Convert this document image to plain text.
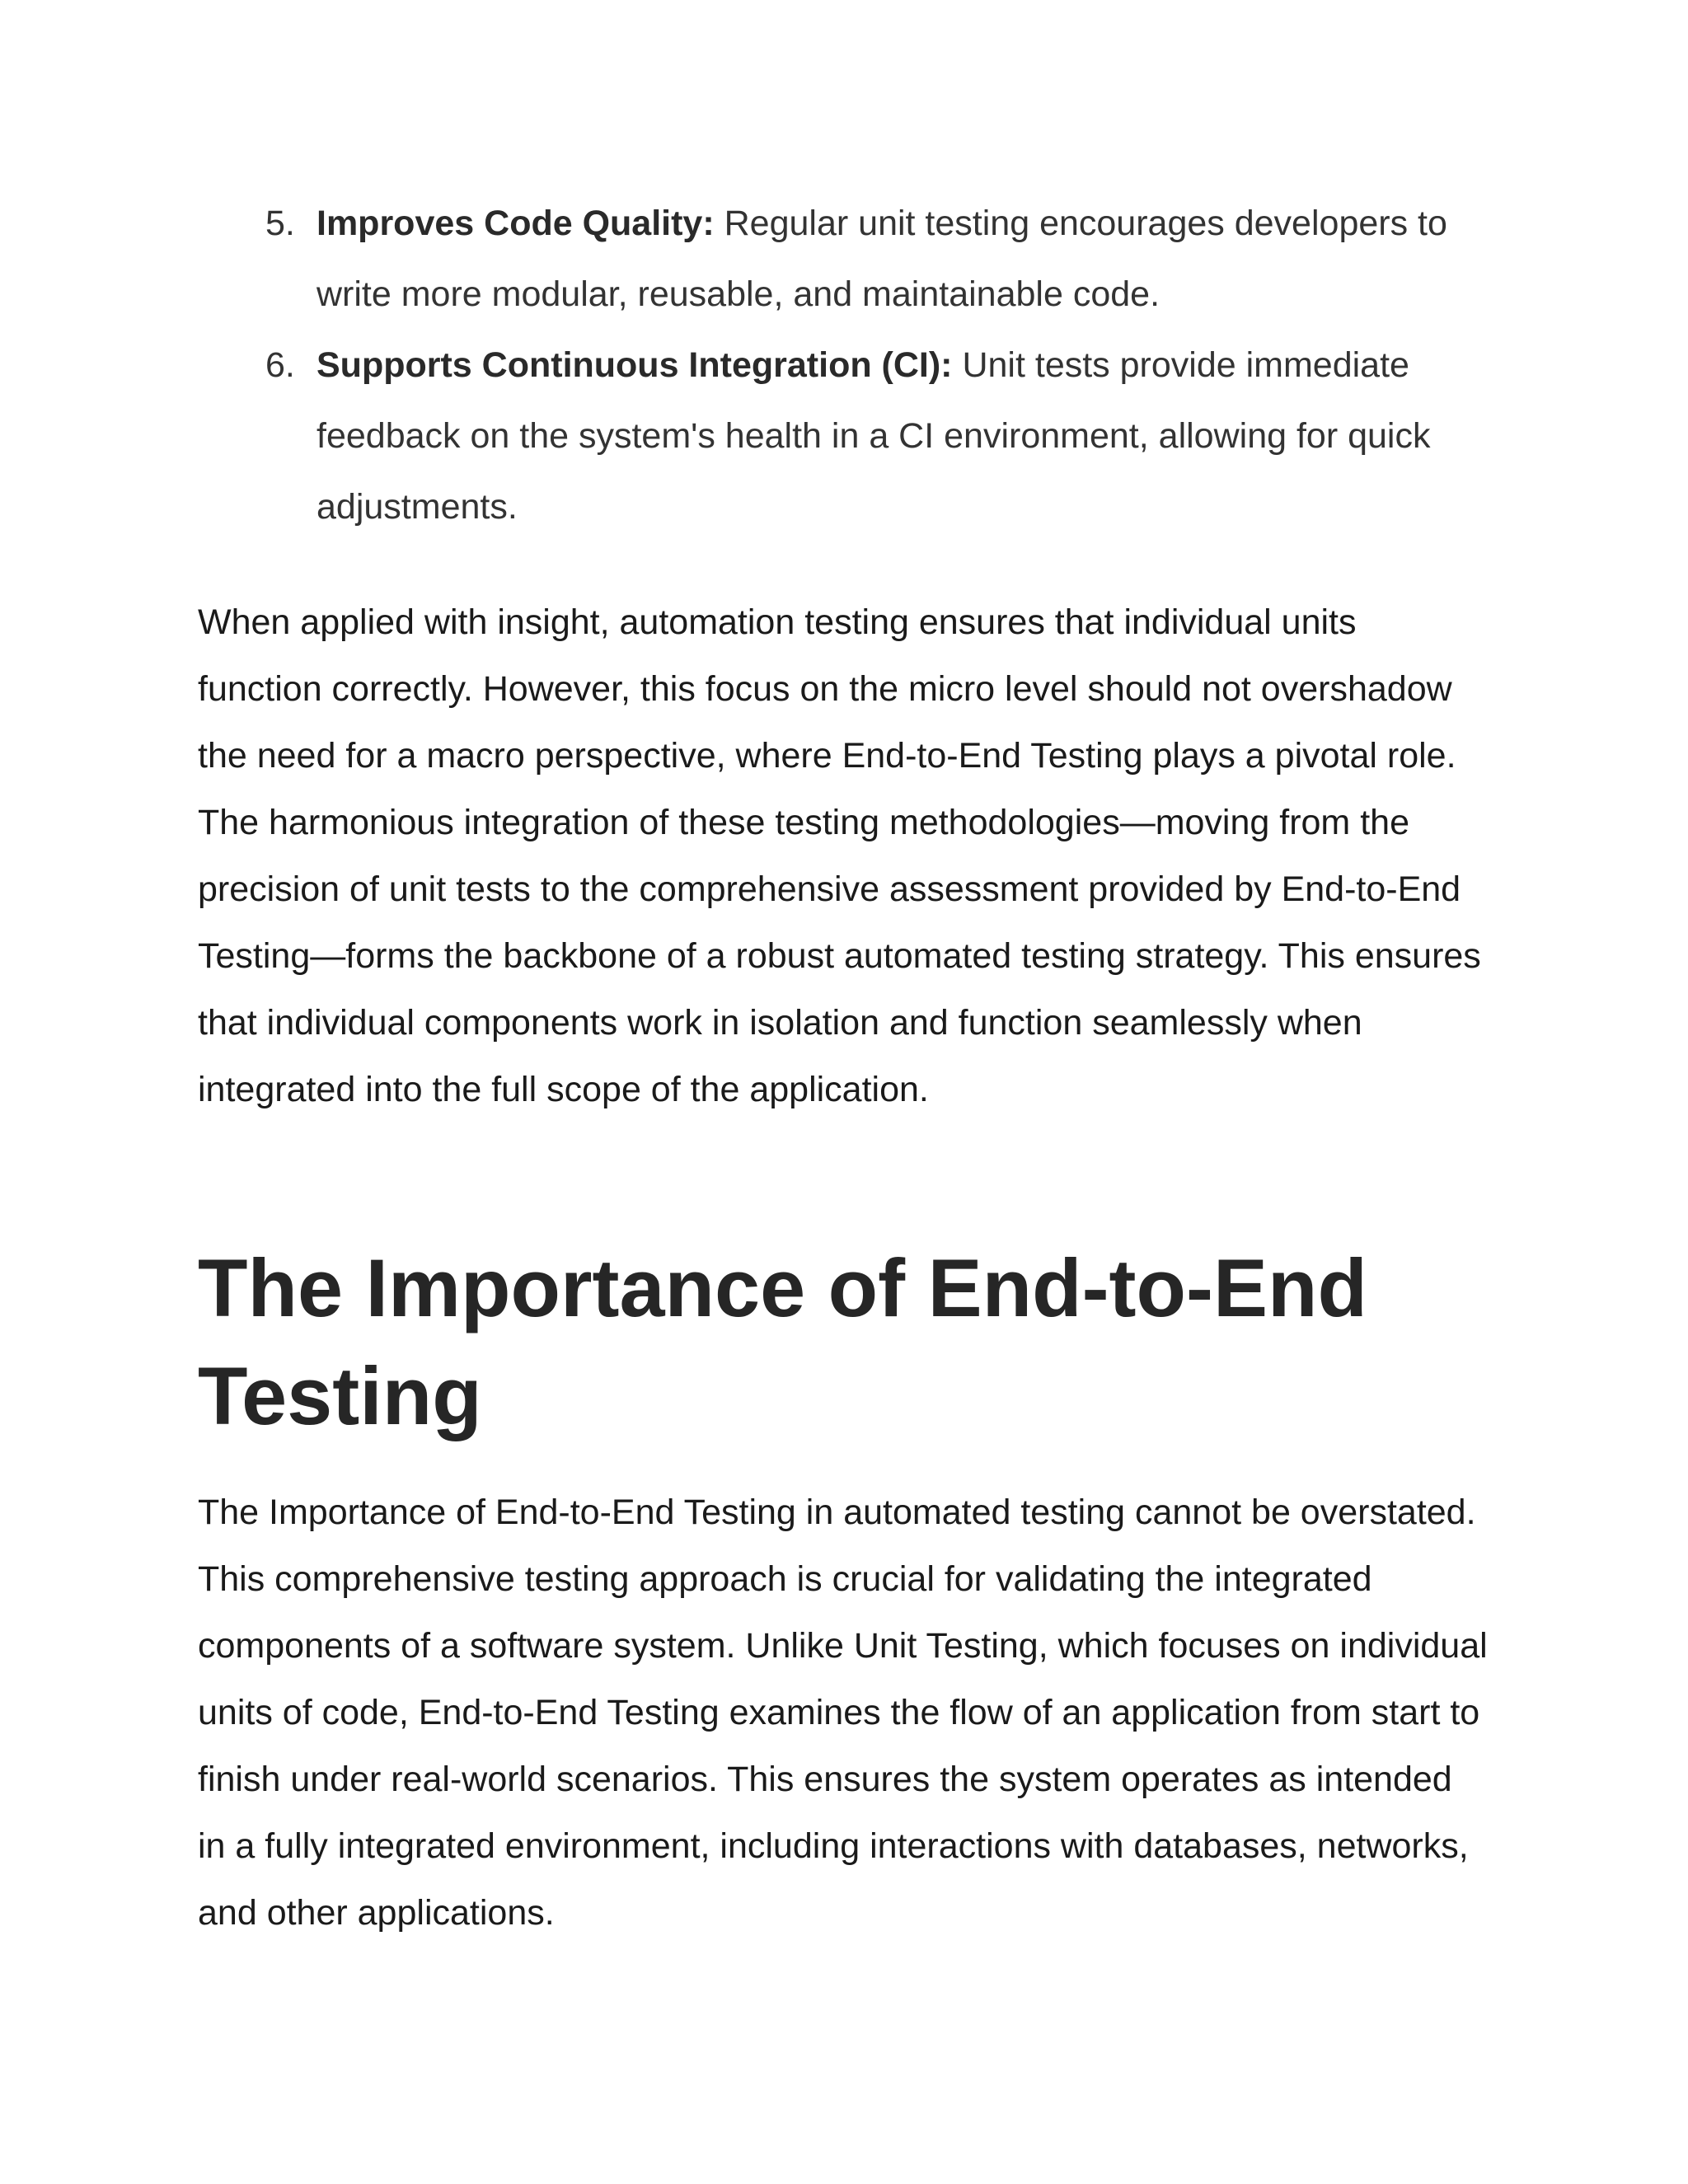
5. Improves Code Quality: Regular unit testing encourages developers to write more modular, reusable, and maintainable code.
6. Supports Continuous Integration (CI): Unit tests provide immediate feedback on the system's health in a CI environment, allowing for quick adjustments.

When applied with insight, automation testing ensures that individual units function correctly. However, this focus on the micro level should not overshadow the need for a macro perspective, where End-to-End Testing plays a pivotal role. The harmonious integration of these testing methodologies—moving from the precision of unit tests to the comprehensive assessment provided by End-to-End Testing—forms the backbone of a robust automated testing strategy. This ensures that individual components work in isolation and function seamlessly when integrated into the full scope of the application.

The Importance of End-to-End Testing

The Importance of End-to-End Testing in automated testing cannot be overstated. This comprehensive testing approach is crucial for validating the integrated components of a software system. Unlike Unit Testing, which focuses on individual units of code, End-to-End Testing examines the flow of an application from start to finish under real-world scenarios. This ensures the system operates as intended in a fully integrated environment, including interactions with databases, networks, and other applications.
